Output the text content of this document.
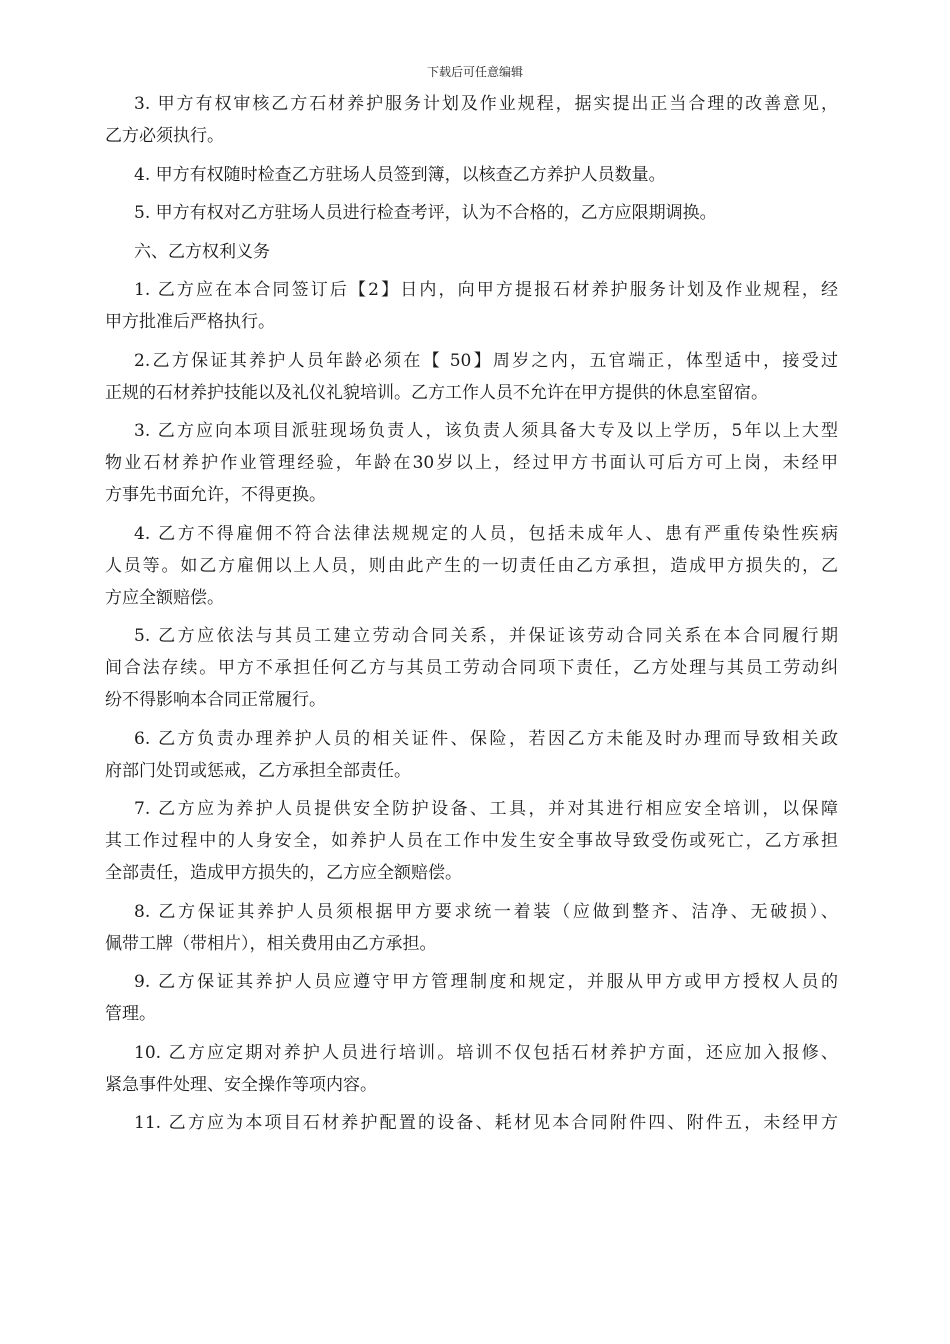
下载后可任意编辑
3. 甲方有权审核乙方石材养护服务计划及作业规程，据实提出正当合理的改善意见，
乙方必须执行。
4. 甲方有权随时检查乙方驻场人员签到簿，以核查乙方养护人员数量。
5. 甲方有权对乙方驻场人员进行检查考评，认为不合格的，乙方应限期调换。
六、乙方权利义务
1. 乙方应在本合同签订后【2】日内，向甲方提报石材养护服务计划及作业规程，经
甲方批准后严格执行。
2.乙方保证其养护人员年龄必须在【 50】周岁之内，五官端正，体型适中，接受过
正规的石材养护技能以及礼仪礼貌培训。乙方工作人员不允许在甲方提供的休息室留宿。
3. 乙方应向本项目派驻现场负责人，该负责人须具备大专及以上学历，5年以上大型
物业石材养护作业管理经验，年龄在30岁以上，经过甲方书面认可后方可上岗，未经甲
方事先书面允许，不得更换。
4. 乙方不得雇佣不符合法律法规规定的人员，包括未成年人、患有严重传染性疾病
人员等。如乙方雇佣以上人员，则由此产生的一切责任由乙方承担，造成甲方损失的，乙
方应全额赔偿。
5. 乙方应依法与其员工建立劳动合同关系，并保证该劳动合同关系在本合同履行期
间合法存续。甲方不承担任何乙方与其员工劳动合同项下责任，乙方处理与其员工劳动纠
纷不得影响本合同正常履行。
6. 乙方负责办理养护人员的相关证件、保险，若因乙方未能及时办理而导致相关政
府部门处罚或惩戒，乙方承担全部责任。
7. 乙方应为养护人员提供安全防护设备、工具，并对其进行相应安全培训，以保障
其工作过程中的人身安全，如养护人员在工作中发生安全事故导致受伤或死亡，乙方承担
全部责任，造成甲方损失的，乙方应全额赔偿。
8. 乙方保证其养护人员须根据甲方要求统一着装（应做到整齐、洁净、无破损）、
佩带工牌（带相片），相关费用由乙方承担。
9. 乙方保证其养护人员应遵守甲方管理制度和规定，并服从甲方或甲方授权人员的
管理。
10. 乙方应定期对养护人员进行培训。培训不仅包括石材养护方面，还应加入报修、
紧急事件处理、安全操作等项内容。
11. 乙方应为本项目石材养护配置的设备、耗材见本合同附件四、附件五，未经甲方
